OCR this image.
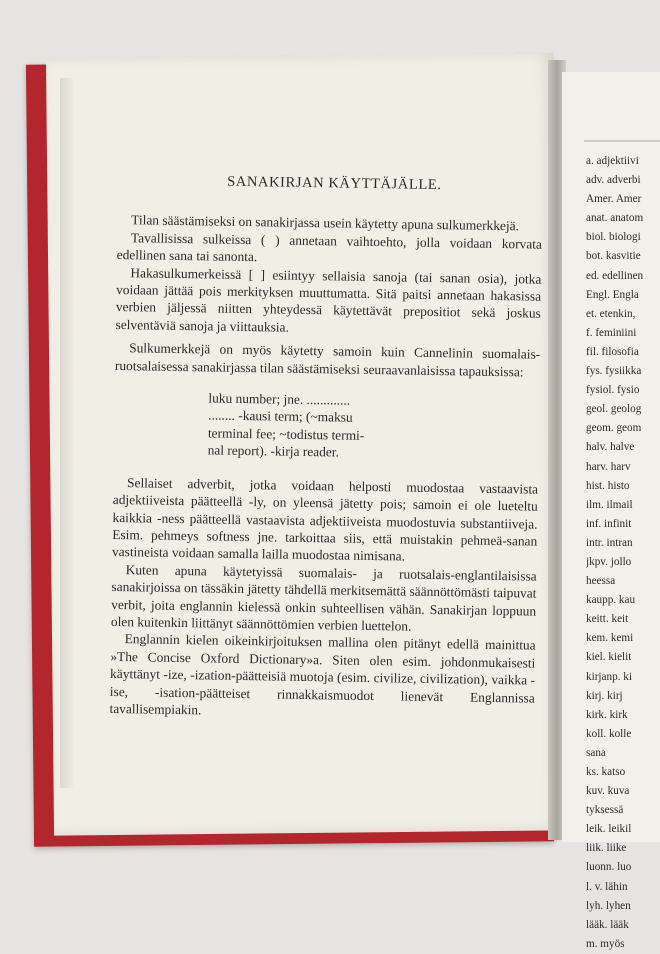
SANAKIRJAN KÄYTTÄJÄLLE.

Tilan säästämiseksi on sanakirjassa usein käytetty apuna sulkumerkkejä.

Tavallisissa sulkeissa ( ) annetaan vaihtoehto, jolla voidaan korvata edellinen sana tai sanonta.

Hakasulkumerkeissä [ ] esiintyy sellaisia sanoja (tai sanan osia), jotka voidaan jättää pois merkityksen muuttumatta. Sitä paitsi annetaan hakasissa verbien jäljessä niitten yhteydessä käytettävät prepositiot sekä joskus selventäviä sanoja ja viittauksia.

Sulkumerkkejä on myös käytetty samoin kuin Cannelinin suomalais-ruotsalaisessa sanakirjassa tilan säästämiseksi seuraavanlaisissa tapauksissa:

luku number; jne. .............
........ -kausi term; (~maksu
terminal fee; ~todistus termi-
nal report). -kirja reader.

Sellaiset adverbit, jotka voidaan helposti muodostaa vastaavista adjektiiveista päätteellä -ly, on yleensä jätetty pois; samoin ei ole lueteltu kaikkia -ness päätteellä vastaavista adjektiiveista muodostuvia substantiiveja. Esim. pehmeys softness jne. tarkoittaa siis, että muistakin pehmeä-sanan vastineista voidaan samalla lailla muodostaa nimisana.

Kuten apuna käytetyissä suomalais- ja ruotsalais-englantilaisissa sanakirjoissa on tässäkin jätetty tähdellä merkitsemättä säännöttömästi taipuvat verbit, joita englannin kielessä onkin suhteellisen vähän. Sanakirjan loppuun olen kuitenkin liittänyt säännöttömien verbien luettelon.

Englannin kielen oikeinkirjoituksen mallina olen pitänyt edellä mainittua »The Concise Oxford Dictionary»a. Siten olen esim. johdonmukaisesti käyttänyt -ize, -ization-päätteisiä muotoja (esim. civilize, civilization), vaikka -ise, -isation-päätteiset rinnakkaismuodot lienevät Englannissa tavallisempiakin.

a. adjektiivi
adv. adverbi
Amer. Amer
anat. anatom
biol. biologi
bot. kasvitie
ed. edellinen
Engl. Engla
et. etenkin,
f. feminiini
fil. filosofia
fys. fysiikka
fysiol. fysio
geol. geolog
geom. geom
halv. halve
harv. harv
hist. histo
ilm. ilmail
inf. infinit
intr. intran
jkpv. jollo
heessa
kaupp. kau
keitt. keit
kem. kemi
kiel. kielit
kirjanp. ki
kirj. kirj
kirk. kirk
koll. kolle
sana
ks. katso
kuv. kuva
tyksessä
leik. leikil
liik. liike
luonn. luo
l. v. lähin
lyh. lyhen
lääk. lääk
m. myös
